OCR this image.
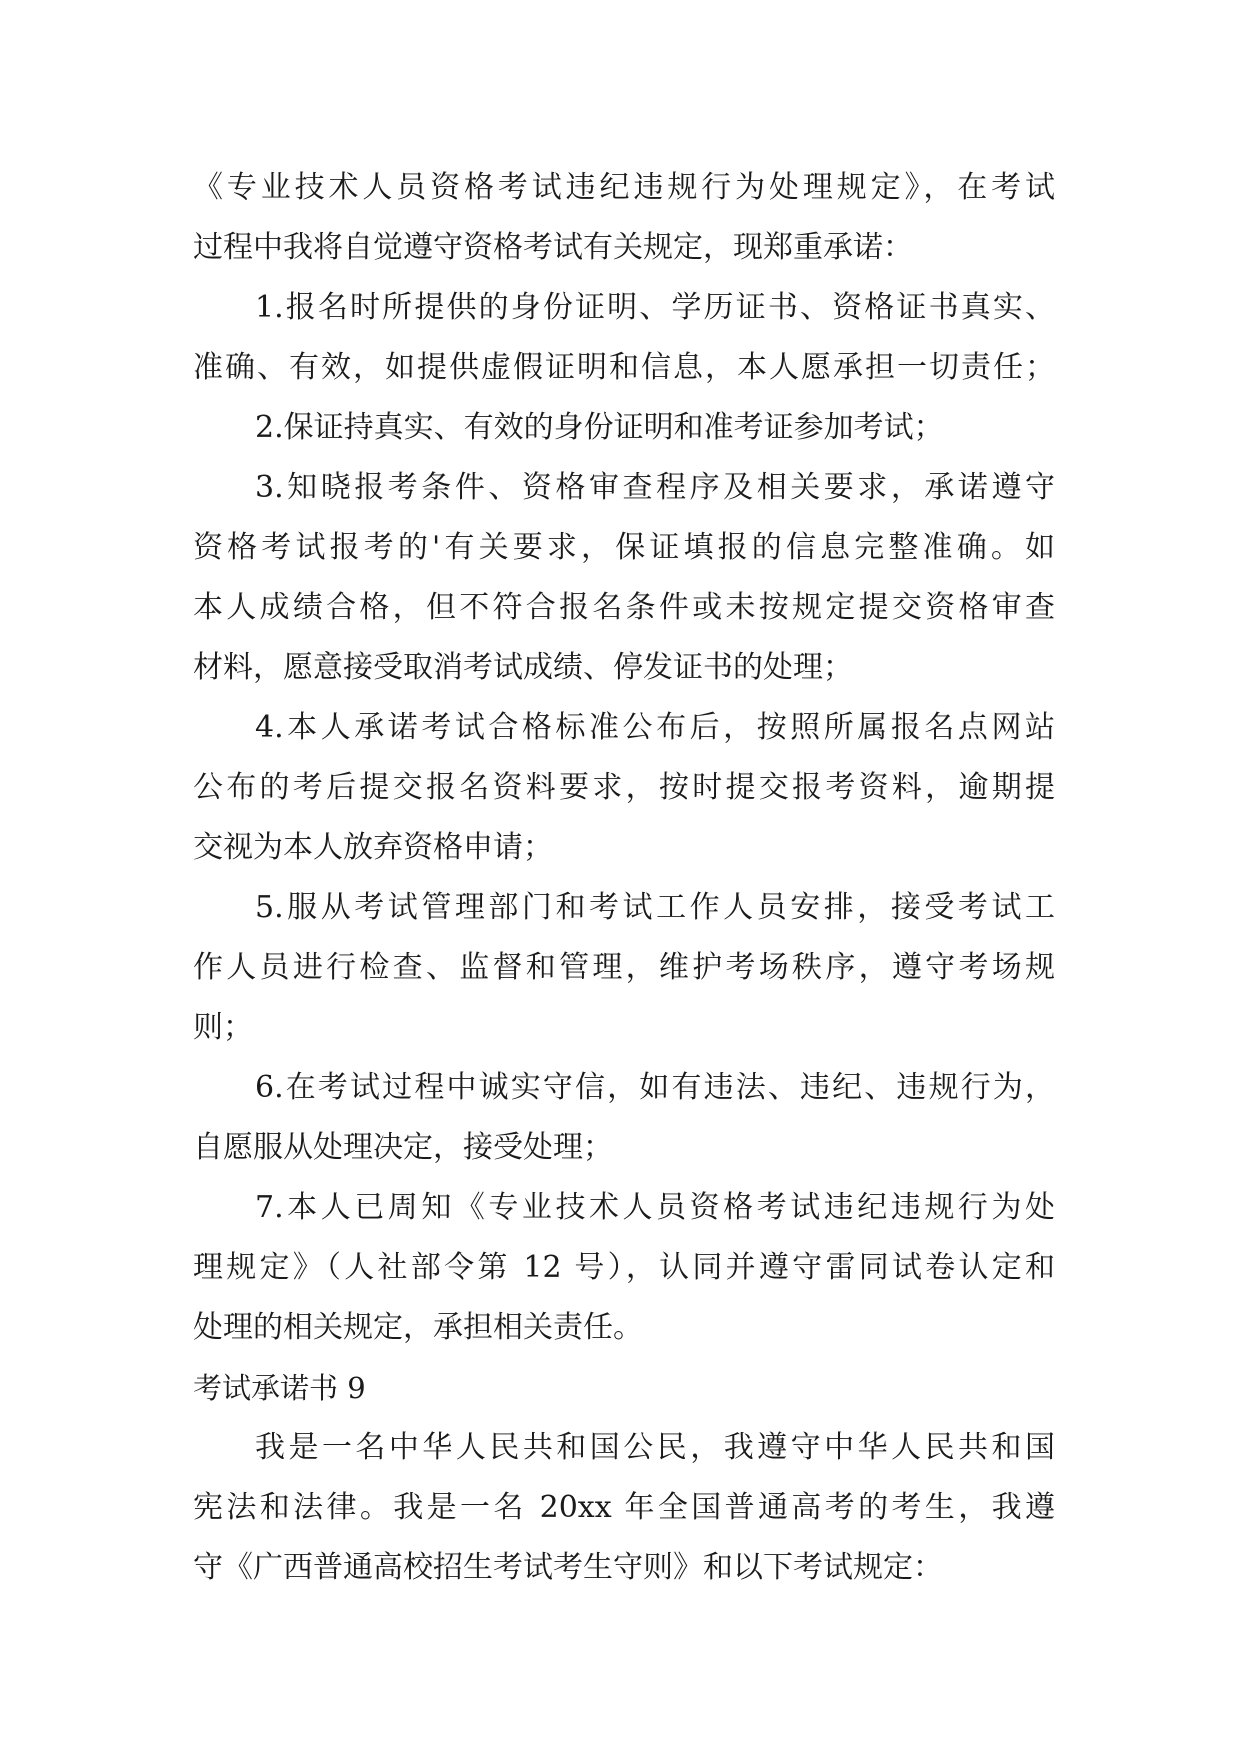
《专业技术人员资格考试违纪违规行为处理规定》，在考试
过程中我将自觉遵守资格考试有关规定，现郑重承诺：
1.报名时所提供的身份证明、学历证书、资格证书真实、
准确、有效，如提供虚假证明和信息，本人愿承担一切责任；
2.保证持真实、有效的身份证明和准考证参加考试；
3.知晓报考条件、资格审查程序及相关要求，承诺遵守
资格考试报考的'有关要求，保证填报的信息完整准确。如
本人成绩合格，但不符合报名条件或未按规定提交资格审查
材料，愿意接受取消考试成绩、停发证书的处理；
4.本人承诺考试合格标准公布后，按照所属报名点网站
公布的考后提交报名资料要求，按时提交报考资料，逾期提
交视为本人放弃资格申请；
5.服从考试管理部门和考试工作人员安排，接受考试工
作人员进行检查、监督和管理，维护考场秩序，遵守考场规
则；
6.在考试过程中诚实守信，如有违法、违纪、违规行为，
自愿服从处理决定，接受处理；
7.本人已周知《专业技术人员资格考试违纪违规行为处
理规定》（人社部令第 12 号），认同并遵守雷同试卷认定和
处理的相关规定，承担相关责任。
考试承诺书 9
我是一名中华人民共和国公民，我遵守中华人民共和国
宪法和法律。我是一名 20xx 年全国普通高考的考生，我遵
守《广西普通高校招生考试考生守则》和以下考试规定：
